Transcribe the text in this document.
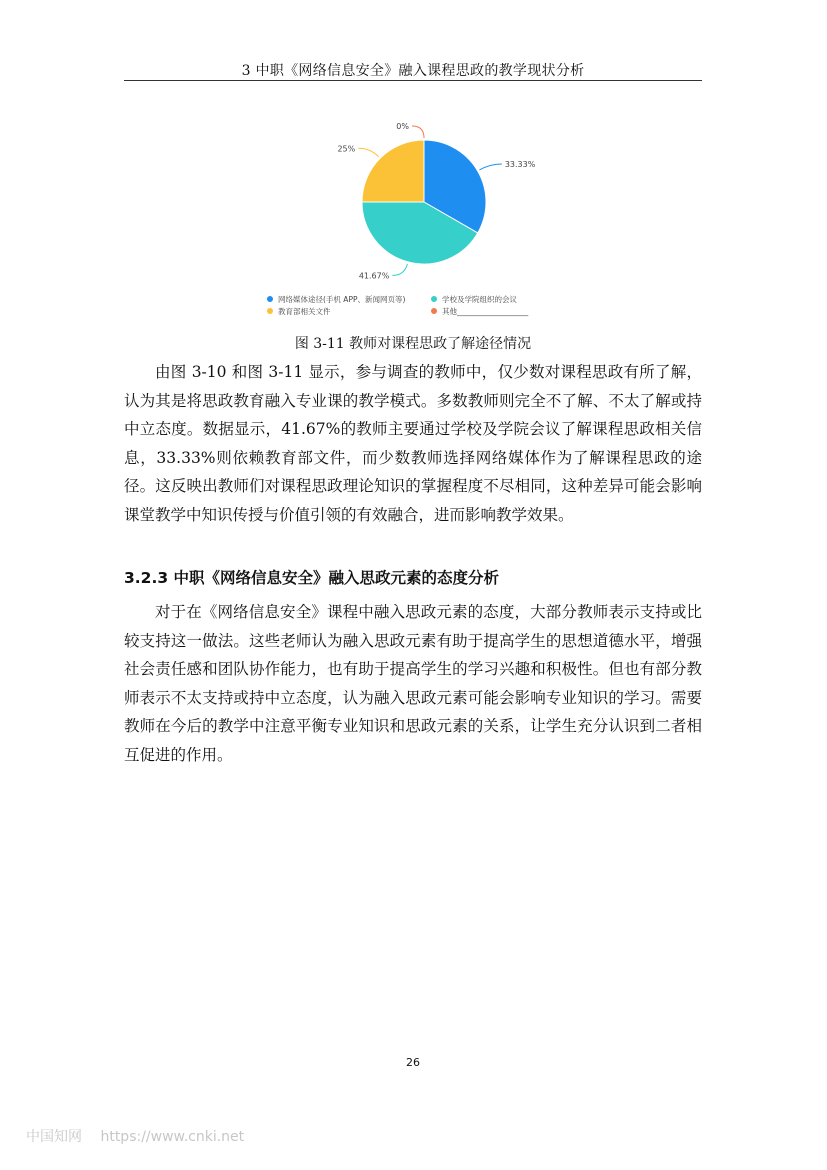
3 中职《网络信息安全》融入课程思政的教学现状分析
33.33%
41.67%
25%
0%
网络媒体途径(手机 APP、新闻网页等)	学校及学院组织的会议
教育部相关文件	其他___________________
图 3-11 教师对课程思政了解途径情况

由图 3-10 和图 3-11 显示，参与调查的教师中，仅少数对课程思政有所了解，认为其是将思政教育融入专业课的教学模式。多数教师则完全不了解、不太了解或持中立态度。数据显示，41.67%的教师主要通过学校及学院会议了解课程思政相关信息，33.33%则依赖教育部文件，而少数教师选择网络媒体作为了解课程思政的途径。这反映出教师们对课程思政理论知识的掌握程度不尽相同，这种差异可能会影响课堂教学中知识传授与价值引领的有效融合，进而影响教学效果。

3.2.3 中职《网络信息安全》融入思政元素的态度分析

对于在《网络信息安全》课程中融入思政元素的态度，大部分教师表示支持或比较支持这一做法。这些老师认为融入思政元素有助于提高学生的思想道德水平，增强社会责任感和团队协作能力，也有助于提高学生的学习兴趣和积极性。但也有部分教师表示不太支持或持中立态度，认为融入思政元素可能会影响专业知识的学习。需要教师在今后的教学中注意平衡专业知识和思政元素的关系，让学生充分认识到二者相互促进的作用。

26
中国知网 https://www.cnki.net
